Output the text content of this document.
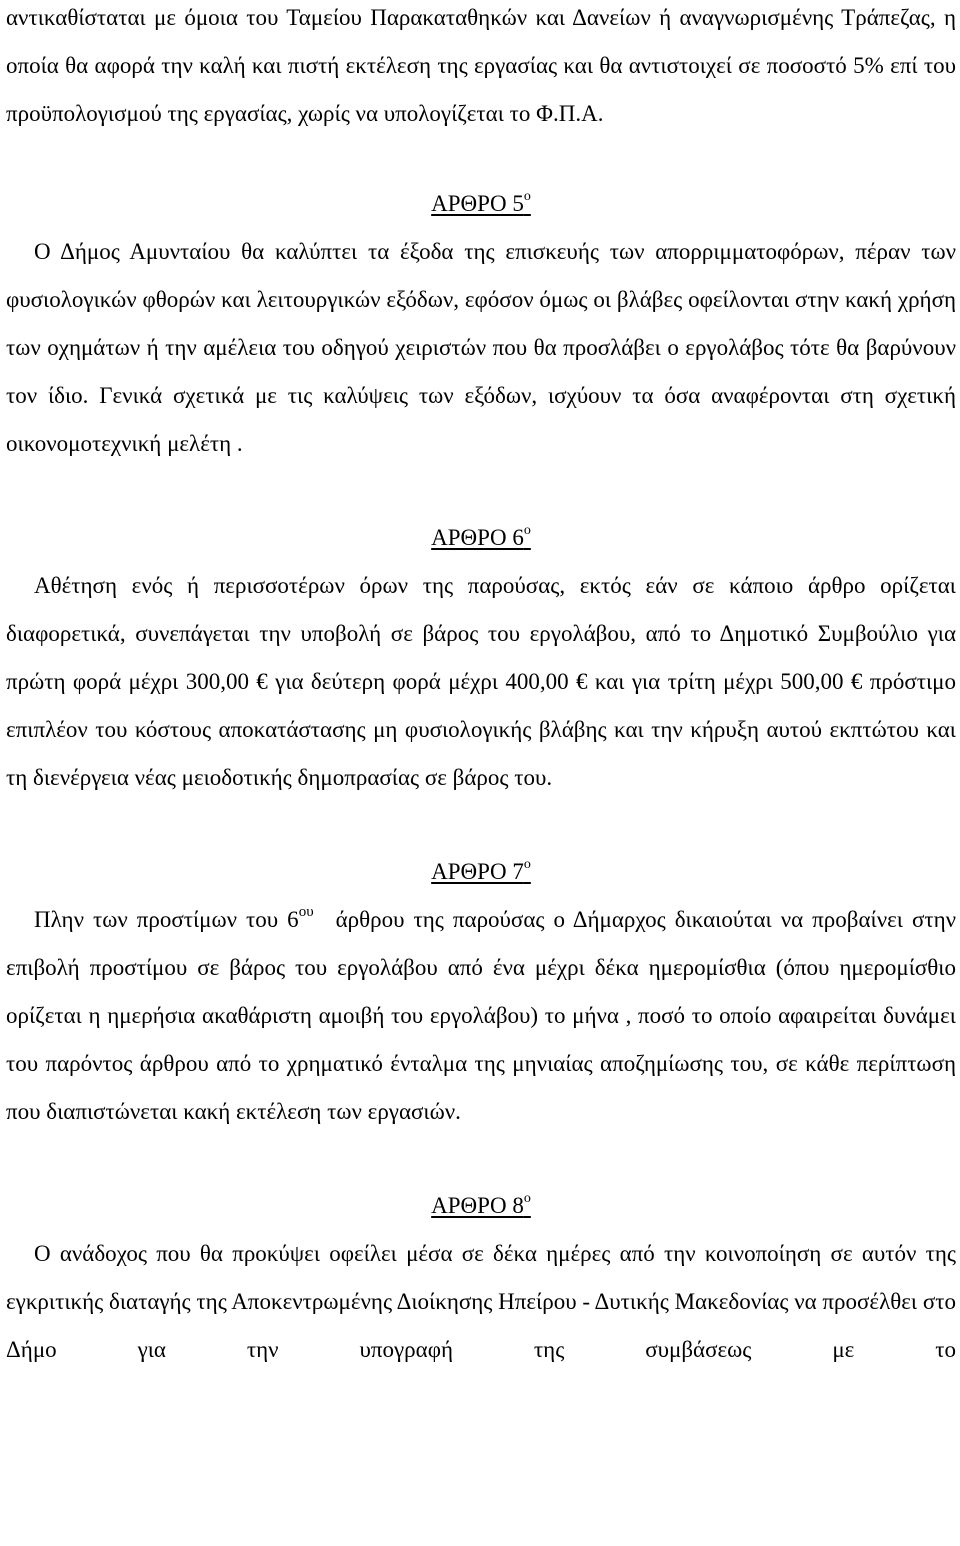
αντικαθίσταται με όμοια του Ταμείου Παρακαταθηκών και Δανείων ή αναγνωρισμένης Τράπεζας, η οποία θα αφορά την καλή και πιστή εκτέλεση της εργασίας και θα αντιστοιχεί σε ποσοστό 5% επί του προϋπολογισμού της εργασίας, χωρίς να υπολογίζεται το Φ.Π.Α.

ΑΡΘΡΟ $5^o$

Ο Δήμος Αμυνταίου θα καλύπτει τα έξοδα της επισκευής των απορριμματοφόρων, πέραν των φυσιολογικών φθορών και λειτουργικών εξόδων, εφόσον όμως οι βλάβες οφείλονται στην κακή χρήση των οχημάτων ή την αμέλεια του οδηγού χειριστών που θα προσλάβει ο εργολάβος τότε θα βαρύνουν τον ίδιο. Γενικά σχετικά με τις καλύψεις των εξόδων, ισχύουν τα όσα αναφέρονται στη σχετική οικονομοτεχνική μελέτη .

ΑΡΘΡΟ $6^o$

Αθέτηση ενός ή περισσοτέρων όρων της παρούσας, εκτός εάν σε κάποιο άρθρο ορίζεται διαφορετικά, συνεπάγεται την υποβολή σε βάρος του εργολάβου, από το Δημοτικό Συμβούλιο για πρώτη φορά μέχρι 300,00 € για δεύτερη φορά μέχρι 400,00 € και για τρίτη μέχρι 500,00 € πρόστιμο επιπλέον του κόστους αποκατάστασης μη φυσιολογικής βλάβης και την κήρυξη αυτού εκπτώτου και τη διενέργεια νέας μειοδοτικής δημοπρασίας σε βάρος του.

ΑΡΘΡΟ $7^o$

Πλην των προστίμων του $6^{o\upsilon}$ άρθρου της παρούσας ο Δήμαρχος δικαιούται να προβαίνει στην επιβολή προστίμου σε βάρος του εργολάβου από ένα μέχρι δέκα ημερομίσθια (όπου ημερομίσθιο ορίζεται η ημερήσια ακαθάριστη αμοιβή του εργολάβου) το μήνα , ποσό το οποίο αφαιρείται δυνάμει του παρόντος άρθρου από το χρηματικό ένταλμα της μηνιαίας αποζημίωσης του, σε κάθε περίπτωση που διαπιστώνεται κακή εκτέλεση των εργασιών.

ΑΡΘΡΟ $8^o$

Ο ανάδοχος που θα προκύψει οφείλει μέσα σε δέκα ημέρες από την κοινοποίηση σε αυτόν της εγκριτικής διαταγής της Αποκεντρωμένης Διοίκησης Ηπείρου - Δυτικής Μακεδονίας να προσέλθει στο Δήμο για την υπογραφή της συμβάσεως με το
